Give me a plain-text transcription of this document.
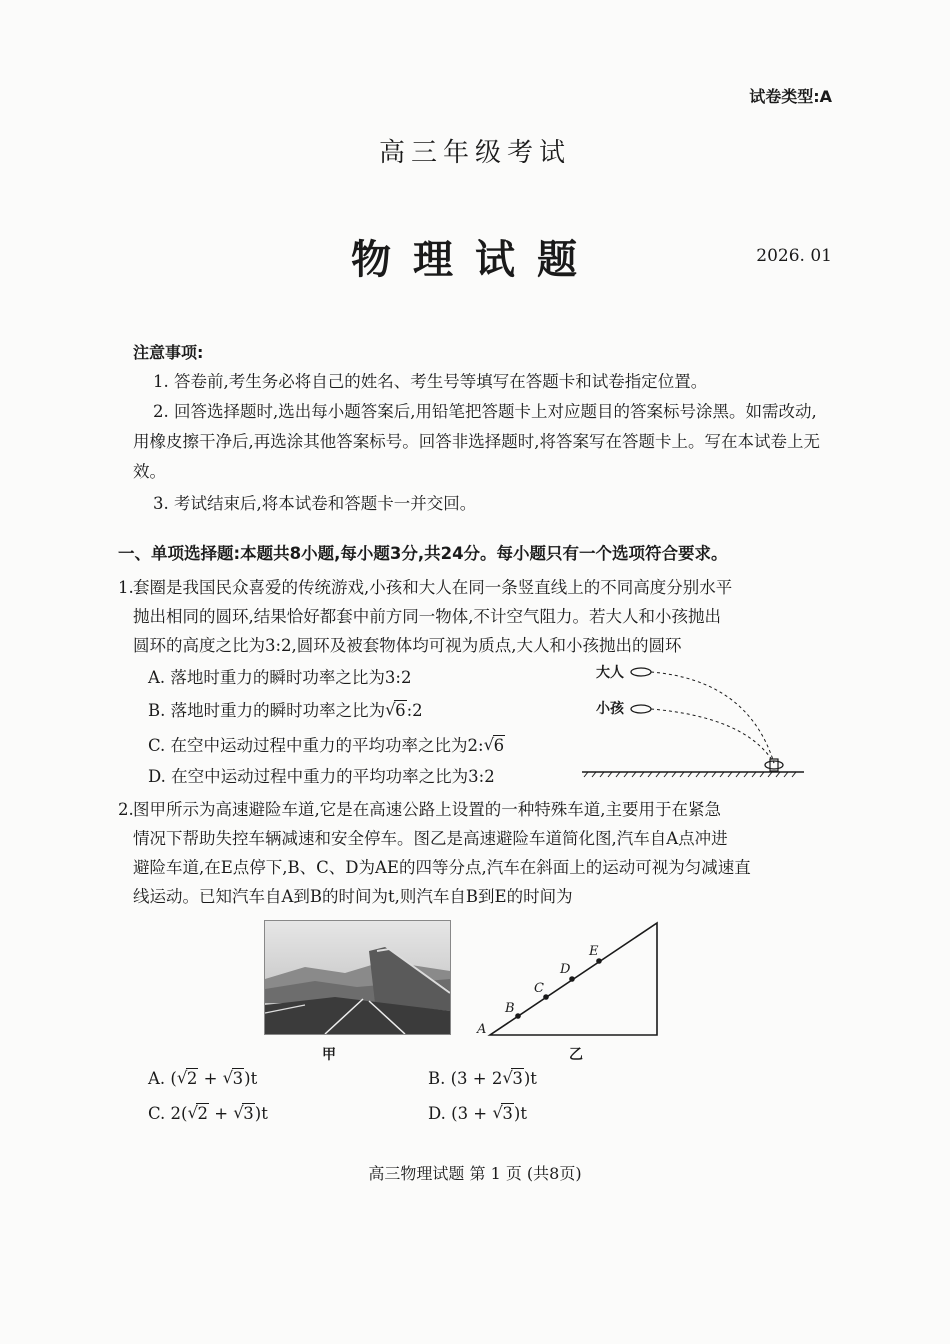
试卷类型:A
高三年级考试
物理试题	2026. 01
注意事项:
1. 答卷前,考生务必将自己的姓名、考生号等填写在答题卡和试卷指定位置。
2. 回答选择题时,选出每小题答案后,用铅笔把答题卡上对应题目的答案标号涂黑。如需改动,用橡皮擦干净后,再选涂其他答案标号。回答非选择题时,将答案写在答题卡上。写在本试卷上无效。
3. 考试结束后,将本试卷和答题卡一并交回。
一、单项选择题:本题共8小题,每小题3分,共24分。每小题只有一个选项符合要求。
1.套圈是我国民众喜爱的传统游戏,小孩和大人在同一条竖直线上的不同高度分别水平
抛出相同的圆环,结果恰好都套中前方同一物体,不计空气阻力。若大人和小孩抛出
圆环的高度之比为3:2,圆环及被套物体均可视为质点,大人和小孩抛出的圆环
A. 落地时重力的瞬时功率之比为3:2
B. 落地时重力的瞬时功率之比为 √ 6:2
C. 在空中运动过程中重力的平均功率之比为2: √ 6
D. 在空中运动过程中重力的平均功率之比为3:2
大人
小孩
2.图甲所示为高速避险车道,它是在高速公路上设置的一种特殊车道,主要用于在紧急
情况下帮助失控车辆减速和安全停车。图乙是高速避险车道简化图,汽车自A点冲进
避险车道,在E点停下,B、C、D为AE的四等分点,汽车在斜面上的运动可视为匀减速直
线运动。已知汽车自A到B的时间为t,则汽车自B到E的时间为
甲
A
B
C
D
E
乙
A. ( √ 2 + √ 3)t	B. (3 + 2 √ 3)t
C. 2( √ 2 + √ 3)t	D. (3 + √ 3)t
高三物理试题 第 1 页 (共8页)
